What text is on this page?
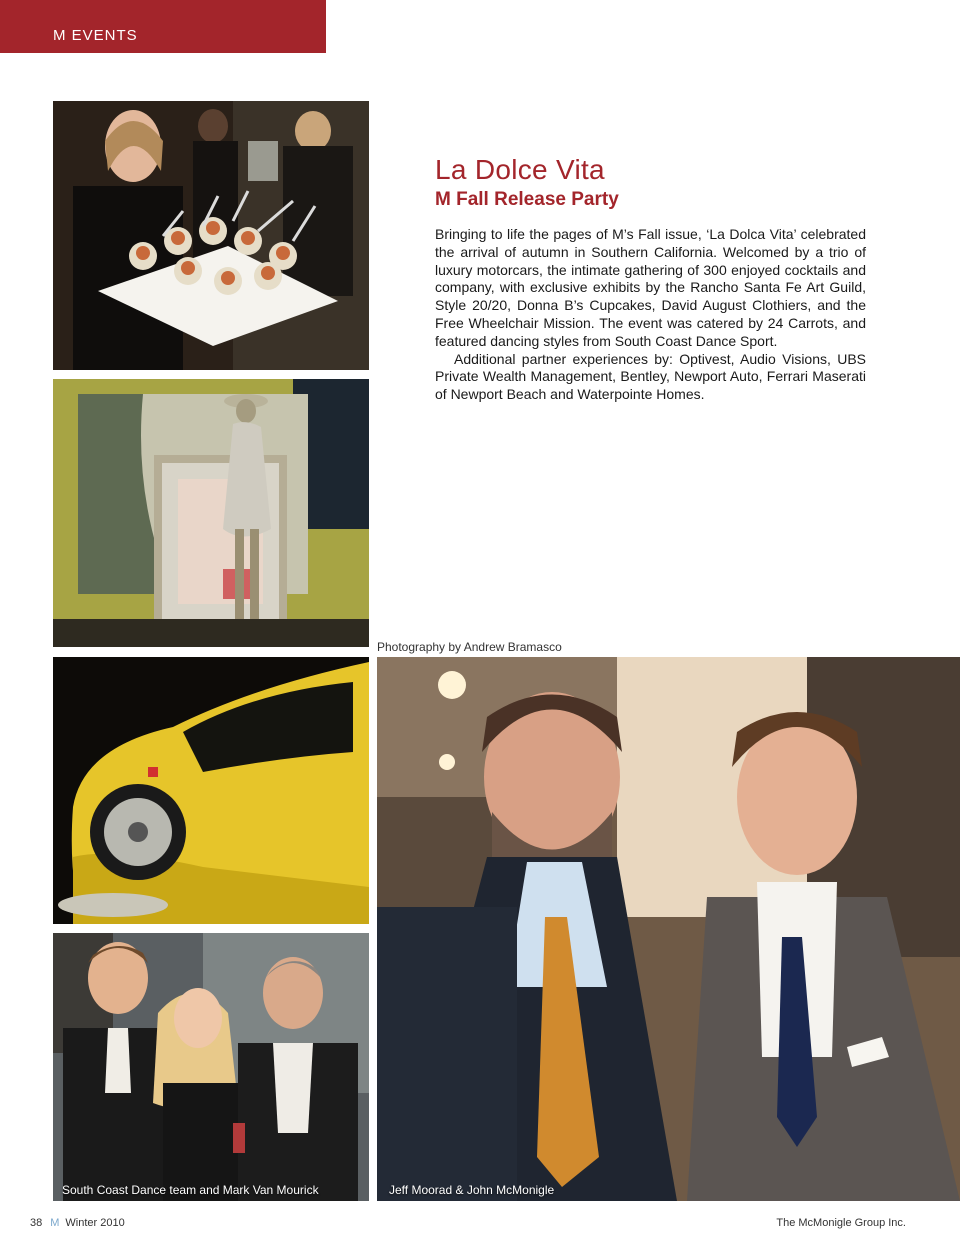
M EVENTS
Photography by Andrew Bramasco
South Coast Dance team and Mark Van Mourick	Jeff Moorad & John McMonigle
La Dolce Vita
M Fall Release Party

Bringing to life the pages of M’s Fall issue, ‘La Dolca Vita’ celebrated the arrival of autumn in Southern California. Welcomed by a trio of luxury motorcars, the intimate gathering of 300 enjoyed cocktails and company, with exclusive exhibits by the Rancho Santa Fe Art Guild, Style 20/20, Donna B’s Cupcakes, David August Clothiers, and the Free Wheelchair Mission. The event was catered by 24 Carrots, and featured dancing styles from South Coast Dance Sport.

Additional partner experiences by: Optivest, Audio Visions, UBS Private Wealth Management, Bentley, Newport Auto, Ferrari Maserati of Newport Beach and Waterpointe Homes.

38 M Winter 2010	The McMonigle Group Inc.
